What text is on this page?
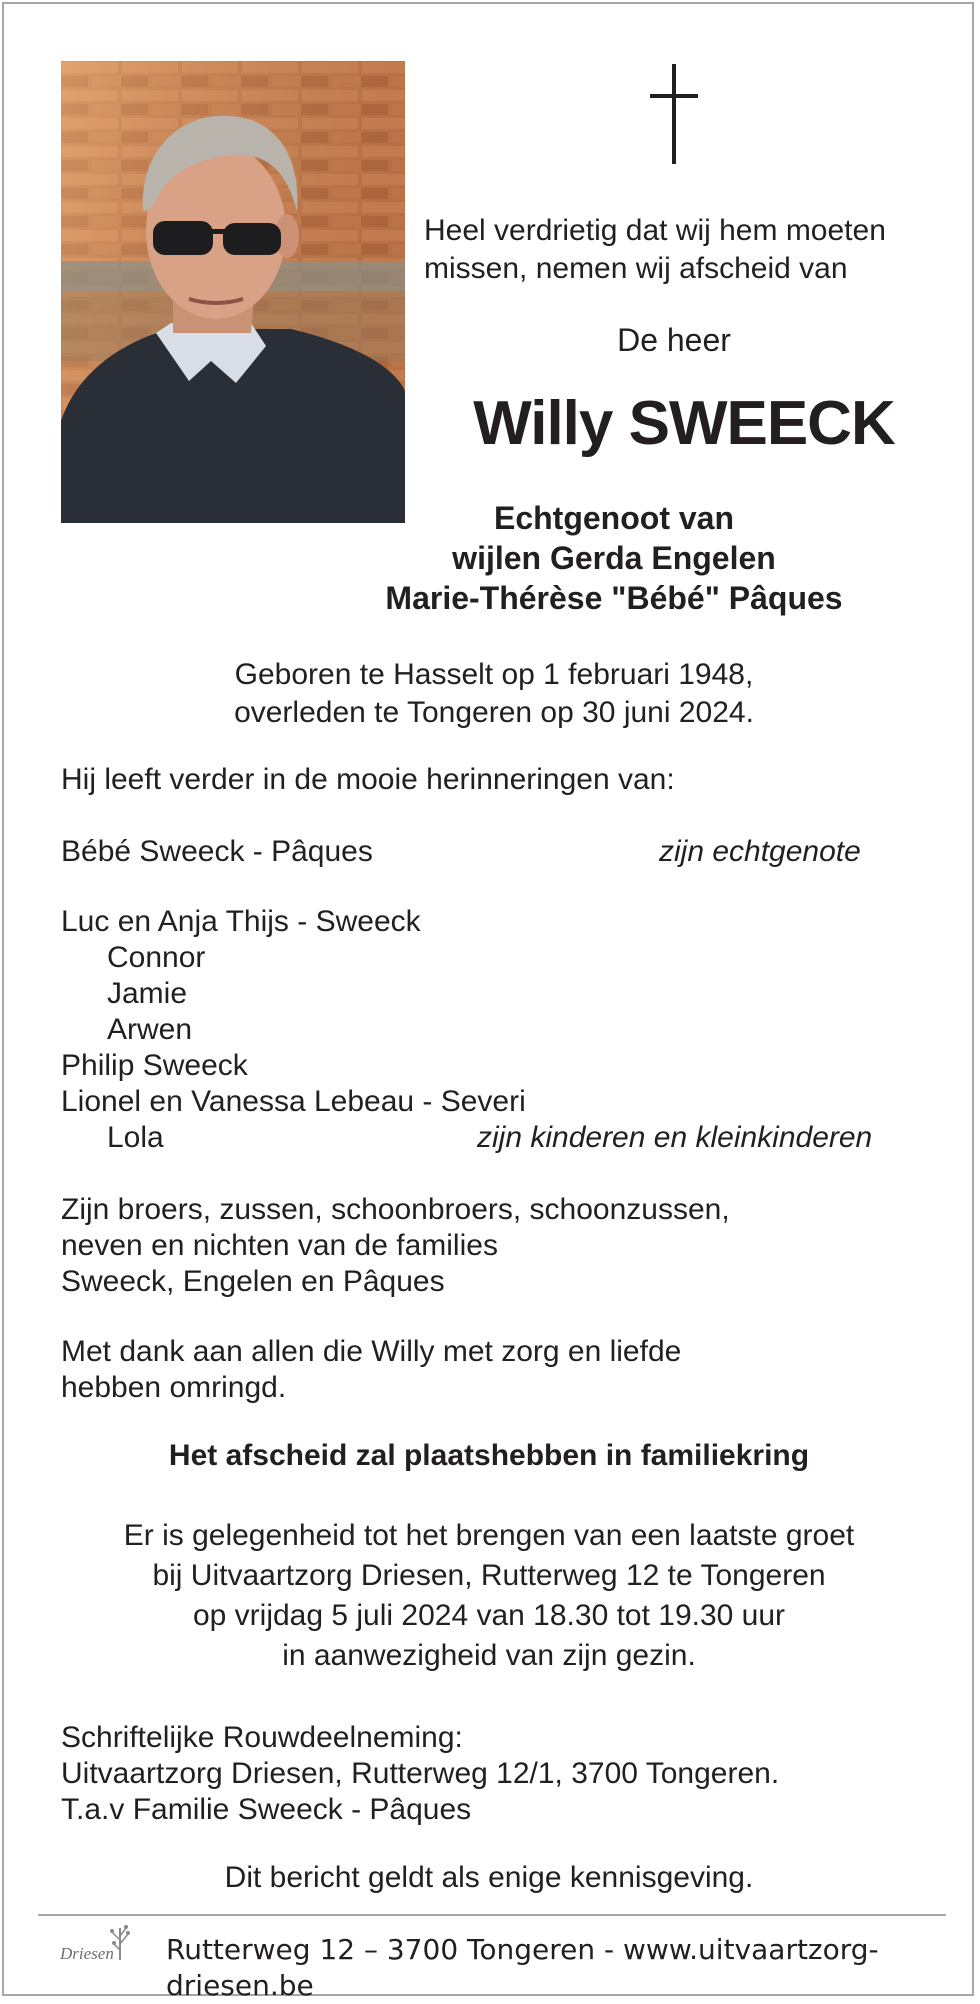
Heel verdrietig dat wij hem moeten
missen, nemen wij afscheid van
De heer
Willy SWEECK
Echtgenoot van
wijlen Gerda Engelen
Marie-Thérèse "Bébé" Pâques
Geboren te Hasselt op 1 februari 1948,
overleden te Tongeren op 30 juni 2024.
Hij leeft verder in de mooie herinneringen van:
Bébé Sweeck - Pâques	zijn echtgenote
Luc en Anja Thijs - Sweeck
Connor
Jamie
Arwen
Philip Sweeck
Lionel en Vanessa Lebeau - Severi
Lola	zijn kinderen en kleinkinderen
Zijn broers, zussen, schoonbroers, schoonzussen,
neven en nichten van de families
Sweeck, Engelen en Pâques
Met dank aan allen die Willy met zorg en liefde
hebben omringd.
Het afscheid zal plaatshebben in familiekring
Er is gelegenheid tot het brengen van een laatste groet
bij Uitvaartzorg Driesen, Rutterweg 12 te Tongeren
op vrijdag 5 juli 2024 van 18.30 tot 19.30 uur
in aanwezigheid van zijn gezin.
Schriftelijke Rouwdeelneming:
Uitvaartzorg Driesen, Rutterweg 12/1, 3700 Tongeren.
T.a.v Familie Sweeck - Pâques
Dit bericht geldt als enige kennisgeving.
Driesen Rutterweg 12 – 3700 Tongeren - www.uitvaartzorg-driesen.be
